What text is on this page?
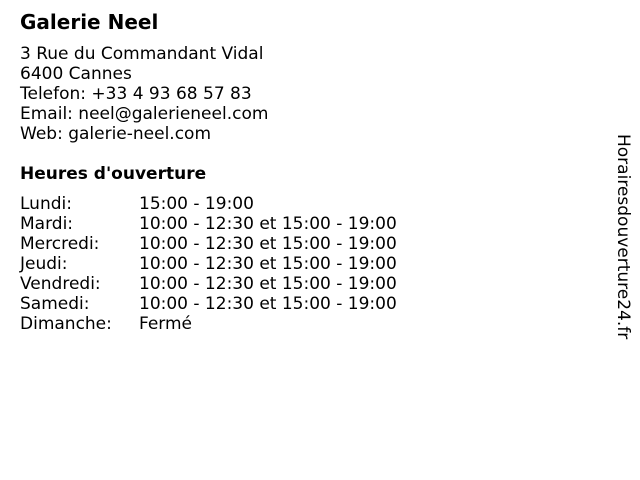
Galerie Neel
3 Rue du Commandant Vidal
6400 Cannes
Telefon: +33 4 93 68 57 83
Email: neel@galerieneel.com
Web: galerie-neel.com
Heures d'ouverture
Lundi:	15:00 - 19:00
Mardi:	10:00 - 12:30 et 15:00 - 19:00
Mercredi: 10:00 - 12:30 et 15:00 - 19:00
Jeudi:	10:00 - 12:30 et 15:00 - 19:00
Vendredi: 10:00 - 12:30 et 15:00 - 19:00
Samedi:	10:00 - 12:30 et 15:00 - 19:00
Dimanche: Fermé	Horairesdouverture24.fr
